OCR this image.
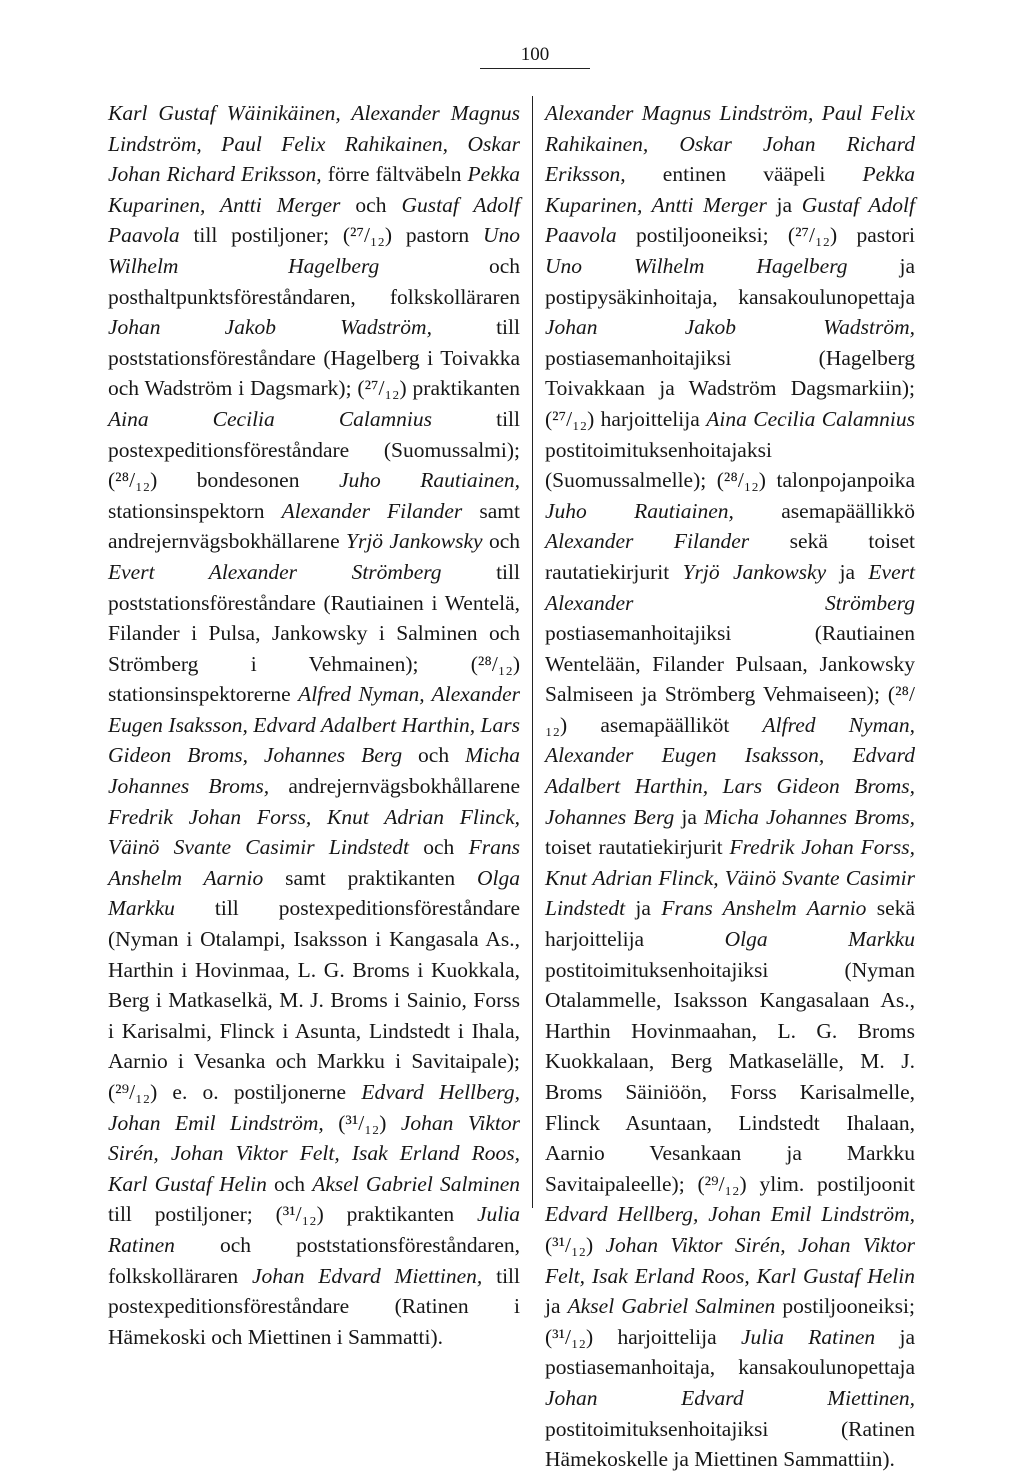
100
Karl Gustaf Wäinikäinen, Alexander Magnus Lindström, Paul Felix Rahikainen, Oskar Johan Richard Eriksson, förre fältväbeln Pekka Kuparinen, Antti Merger och Gustaf Adolf Paavola till postiljoner; (²⁷/₁₂) pastorn Uno Wilhelm Hagelberg och posthaltpunktsföreståndaren, folkskolläraren Johan Jakob Wadström, till poststationsföreståndare (Hagelberg i Toivakka och Wadström i Dagsmark); (²⁷/₁₂) praktikanten Aina Cecilia Calamnius till postexpeditionsföreståndare (Suomussalmi); (²⁸/₁₂) bondesonen Juho Rautiainen, stationsinspektorn Alexander Filander samt andrejernvägsbokhällarene Yrjö Jankowsky och Evert Alexander Strömberg till poststationsföreståndare (Rautiainen i Wentelä, Filander i Pulsa, Jankowsky i Salminen och Strömberg i Vehmainen); (²⁸/₁₂) stationsinspektorerne Alfred Nyman, Alexander Eugen Isaksson, Edvard Adalbert Harthin, Lars Gideon Broms, Johannes Berg och Micha Johannes Broms, andrejernvägsbokhållarene Fredrik Johan Forss, Knut Adrian Flinck, Väinö Svante Casimir Lindstedt och Frans Anshelm Aarnio samt praktikanten Olga Markku till postexpeditionsföreståndare (Nyman i Otalampi, Isaksson i Kangasala As., Harthin i Hovinmaa, L. G. Broms i Kuokkala, Berg i Matkaselkä, M. J. Broms i Sainio, Forss i Karisalmi, Flinck i Asunta, Lindstedt i Ihala, Aarnio i Vesanka och Markku i Savitaipale); (²⁹/₁₂) e. o. postiljonerne Edvard Hellberg, Johan Emil Lindström, (³¹/₁₂) Johan Viktor Sirén, Johan Viktor Felt, Isak Erland Roos, Karl Gustaf Helin och Aksel Gabriel Salminen till postiljoner; (³¹/₁₂) praktikanten Julia Ratinen och poststationsföreståndaren, folkskolläraren Johan Edvard Miettinen, till postexpeditionsföreståndare (Ratinen i Hämekoski och Miettinen i Sammatti).
Alexander Magnus Lindström, Paul Felix Rahikainen, Oskar Johan Richard Eriksson, entinen vääpeli Pekka Kuparinen, Antti Merger ja Gustaf Adolf Paavola postiljooneiksi; (²⁷/₁₂) pastori Uno Wilhelm Hagelberg ja postipysäkinhoitaja, kansakoulunopettaja Johan Jakob Wadström, postiasemanhoitajiksi (Hagelberg Toivakkaan ja Wadström Dagsmarkiin); (²⁷/₁₂) harjoittelija Aina Cecilia Calamnius postitoimituksenhoitajaksi (Suomussalmelle); (²⁸/₁₂) talonpojanpoika Juho Rautiainen, asemapäällikkö Alexander Filander sekä toiset rautatiekirjurit Yrjö Jankowsky ja Evert Alexander Strömberg postiasemanhoitajiksi (Rautiainen Wentelään, Filander Pulsaan, Jankowsky Salmiseen ja Strömberg Vehmaiseen); (²⁸/₁₂) asemapäälliköt Alfred Nyman, Alexander Eugen Isaksson, Edvard Adalbert Harthin, Lars Gideon Broms, Johannes Berg ja Micha Johannes Broms, toiset rautatiekirjurit Fredrik Johan Forss, Knut Adrian Flinck, Väinö Svante Casimir Lindstedt ja Frans Anshelm Aarnio sekä harjoittelija Olga Markku postitoimituksenhoitajiksi (Nyman Otalammelle, Isaksson Kangasalaan As., Harthin Hovinmaahan, L. G. Broms Kuokkalaan, Berg Matkaselälle, M. J. Broms Säiniöön, Forss Karisalmelle, Flinck Asuntaan, Lindstedt Ihalaan, Aarnio Vesankaan ja Markku Savitaipaleelle); (²⁹/₁₂) ylim. postiljoonit Edvard Hellberg, Johan Emil Lindström, (³¹/₁₂) Johan Viktor Sirén, Johan Viktor Felt, Isak Erland Roos, Karl Gustaf Helin ja Aksel Gabriel Salminen postiljooneiksi; (³¹/₁₂) harjoittelija Julia Ratinen ja postiasemanhoitaja, kansakoulunopettaja Johan Edvard Miettinen, postitoimituksenhoitajiksi (Ratinen Hämekoskelle ja Miettinen Sammattiin).
